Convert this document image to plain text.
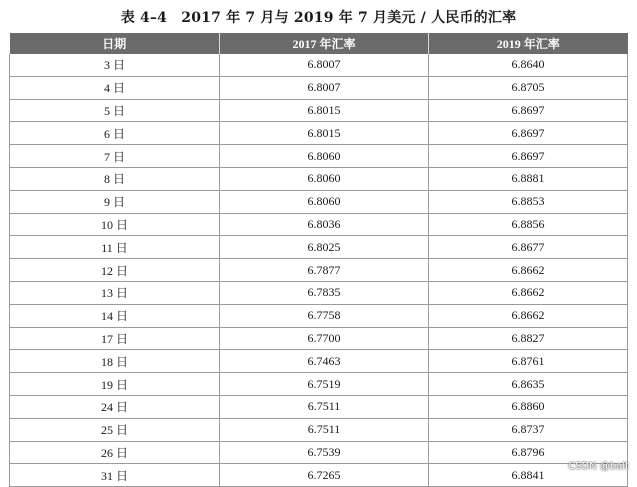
表 4–4　2017 年 7 月与 2019 年 7 月美元 / 人民币的汇率
日期	2017 年汇率	2019 年汇率
3 日	6.8007	6.8640
4 日	6.8007	6.8705
5 日	6.8015	6.8697
6 日	6.8015	6.8697
7 日	6.8060	6.8697
8 日	6.8060	6.8881
9 日	6.8060	6.8853
10 日	6.8036	6.8856
11 日	6.8025	6.8677
12 日	6.7877	6.8662
13 日	6.7835	6.8662
14 日	6.7758	6.8662
17 日	6.7700	6.8827
18 日	6.7463	6.8761
19 日	6.7519	6.8635
24 日	6.7511	6.8860
25 日	6.7511	6.8737
26 日	6.7539	6.8796
31 日	6.7265	6.8841
CSDN @balt
